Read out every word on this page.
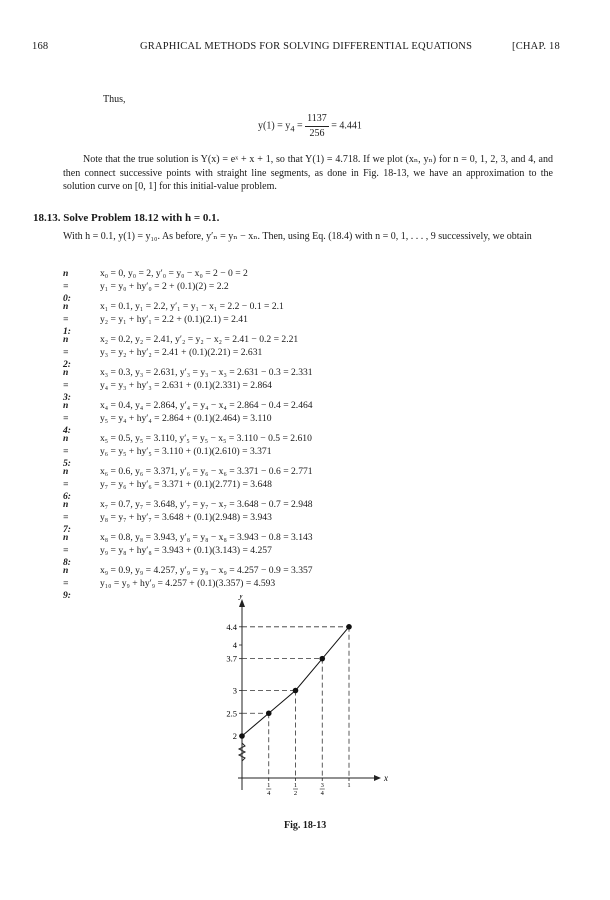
168	GRAPHICAL METHODS FOR SOLVING DIFFERENTIAL EQUATIONS	[CHAP. 18
Thus,
$y(1) = y_4 = \frac{1137}{256} = 4.441$
Note that the true solution is Y(x) = eˣ + x + 1, so that Y(1) = 4.718. If we plot (xₙ, yₙ) for n = 0, 1, 2, 3, and 4, and then connect successive points with straight line segments, as done in Fig. 18-13, we have an approximation to the solution curve on [0, 1] for this initial-value problem.
18.13. Solve Problem 18.12 with h = 0.1.
With h = 0.1, y(1) = y₁₀. As before, y′ₙ = yₙ − xₙ. Then, using Eq. (18.4) with n = 0, 1, . . . , 9 successively, we obtain
n = 0:
x₀ = 0, y₀ = 2, y′₀ = y₀ − x₀ = 2 − 0 = 2
y₁ = y₀ + hy′₀ = 2 + (0.1)(2) = 2.2
n = 1:
x₁ = 0.1, y₁ = 2.2, y′₁ = y₁ − x₁ = 2.2 − 0.1 = 2.1
y₂ = y₁ + hy′₁ = 2.2 + (0.1)(2.1) = 2.41
n = 2:
x₂ = 0.2, y₂ = 2.41, y′₂ = y₂ − x₂ = 2.41 − 0.2 = 2.21
y₃ = y₂ + hy′₂ = 2.41 + (0.1)(2.21) = 2.631
n = 3:
x₃ = 0.3, y₃ = 2.631, y′₃ = y₃ − x₃ = 2.631 − 0.3 = 2.331
y₄ = y₃ + hy′₃ = 2.631 + (0.1)(2.331) = 2.864
n = 4:
x₄ = 0.4, y₄ = 2.864, y′₄ = y₄ − x₄ = 2.864 − 0.4 = 2.464
y₅ = y₄ + hy′₄ = 2.864 + (0.1)(2.464) = 3.110
n = 5:
x₅ = 0.5, y₅ = 3.110, y′₅ = y₅ − x₅ = 3.110 − 0.5 = 2.610
y₆ = y₅ + hy′₅ = 3.110 + (0.1)(2.610) = 3.371
n = 6:
x₆ = 0.6, y₆ = 3.371, y′₆ = y₆ − x₆ = 3.371 − 0.6 = 2.771
y₇ = y₆ + hy′₆ = 3.371 + (0.1)(2.771) = 3.648
n = 7:
x₇ = 0.7, y₇ = 3.648, y′₇ = y₇ − x₇ = 3.648 − 0.7 = 2.948
y₈ = y₇ + hy′₇ = 3.648 + (0.1)(2.948) = 3.943
n = 8:
x₈ = 0.8, y₈ = 3.943, y′₈ = y₈ − x₈ = 3.943 − 0.8 = 3.143
y₉ = y₈ + hy′₈ = 3.943 + (0.1)(3.143) = 4.257
n = 9:
x₉ = 0.9, y₉ = 4.257, y′₉ = y₉ − x₉ = 4.257 − 0.9 = 3.357
y₁₀ = y₉ + hy′₉ = 4.257 + (0.1)(3.357) = 4.593
y
x
2
2.5
3
3.7
4
4.4
1
4
1
2
3
4
1
Fig. 18-13
